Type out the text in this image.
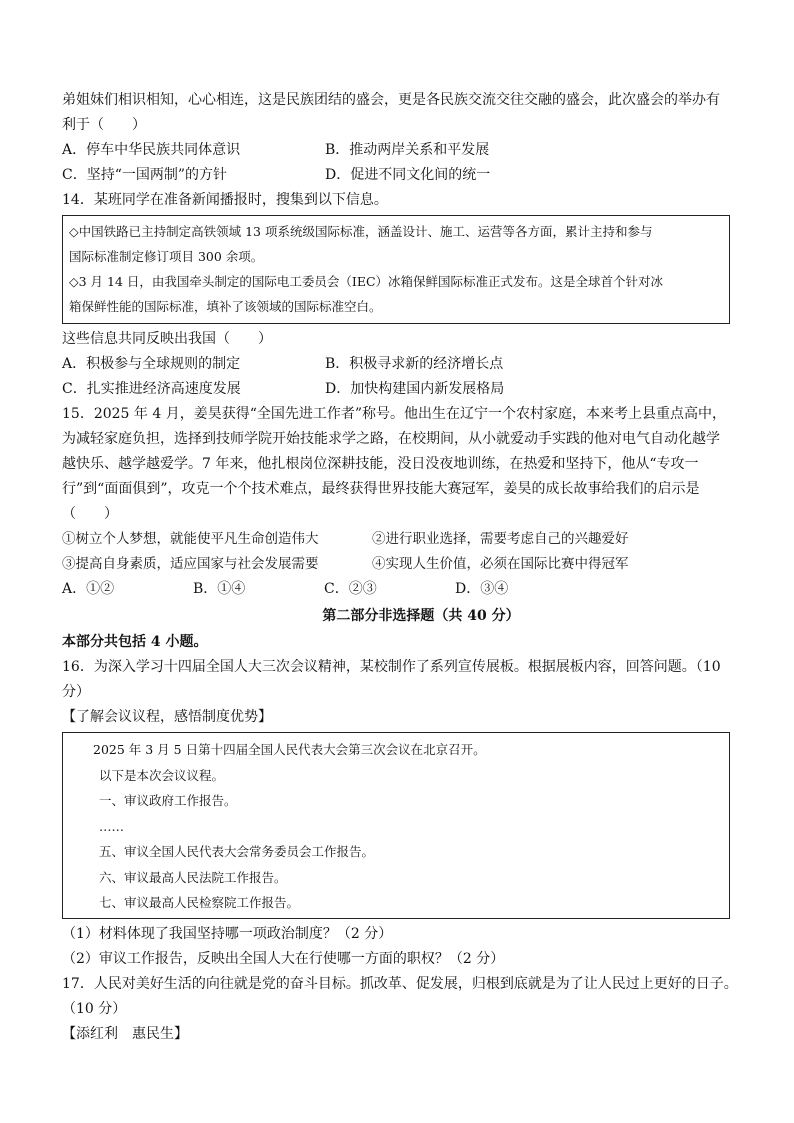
弟姐妹们相识相知，心心相连，这是民族团结的盛会，更是各民族交流交往交融的盛会，此次盛会的举办有
利于（　　）
A．停车中华民族共同体意识	B．推动两岸关系和平发展
C．坚持“一国两制”的方针	D．促进不同文化间的统一
14．某班同学在准备新闻播报时，搜集到以下信息。
◇中国铁路已主持制定高铁领域 13 项系统级国际标准，涵盖设计、施工、运营等各方面，累计主持和参与
国际标准制定修订项目 300 余项。
◇3 月 14 日，由我国牵头制定的国际电工委员会（IEC）冰箱保鲜国际标准正式发布。这是全球首个针对冰
箱保鲜性能的国际标准，填补了该领域的国际标准空白。
这些信息共同反映出我国（　　）
A．积极参与全球规则的制定	B．积极寻求新的经济增长点
C．扎实推进经济高速度发展	D．加快构建国内新发展格局
15．2025 年 4 月，姜昊获得“全国先进工作者”称号。他出生在辽宁一个农村家庭，本来考上县重点高中，
为减轻家庭负担，选择到技师学院开始技能求学之路，在校期间，从小就爱动手实践的他对电气自动化越学
越快乐、越学越爱学。7 年来，他扎根岗位深耕技能，没日没夜地训练，在热爱和坚持下，他从“专攻一
行”到“面面俱到”，攻克一个个技术难点，最终获得世界技能大赛冠军，姜昊的成长故事给我们的启示是
（　　）
①树立个人梦想，就能使平凡生命创造伟大	②进行职业选择，需要考虑自己的兴趣爱好
③提高自身素质，适应国家与社会发展需要	④实现人生价值，必须在国际比赛中得冠军
A．①②	B．①④	C．②③	D．③④
第二部分非选择题（共 40 分）
本部分共包括 4 小题。
16．为深入学习十四届全国人大三次会议精神，某校制作了系列宣传展板。根据展板内容，回答问题。（10
分）
【了解会议议程，感悟制度优势】
2025 年 3 月 5 日第十四届全国人民代表大会第三次会议在北京召开。
以下是本次会议议程。
一、审议政府工作报告。
……
五、审议全国人民代表大会常务委员会工作报告。
六、审议最高人民法院工作报告。
七、审议最高人民检察院工作报告。
（1）材料体现了我国坚持哪一项政治制度？（2 分）
（2）审议工作报告，反映出全国人大在行使哪一方面的职权？（2 分）
17．人民对美好生活的向往就是党的奋斗目标。抓改革、促发展，归根到底就是为了让人民过上更好的日子。
（10 分）
【添红利　惠民生】
